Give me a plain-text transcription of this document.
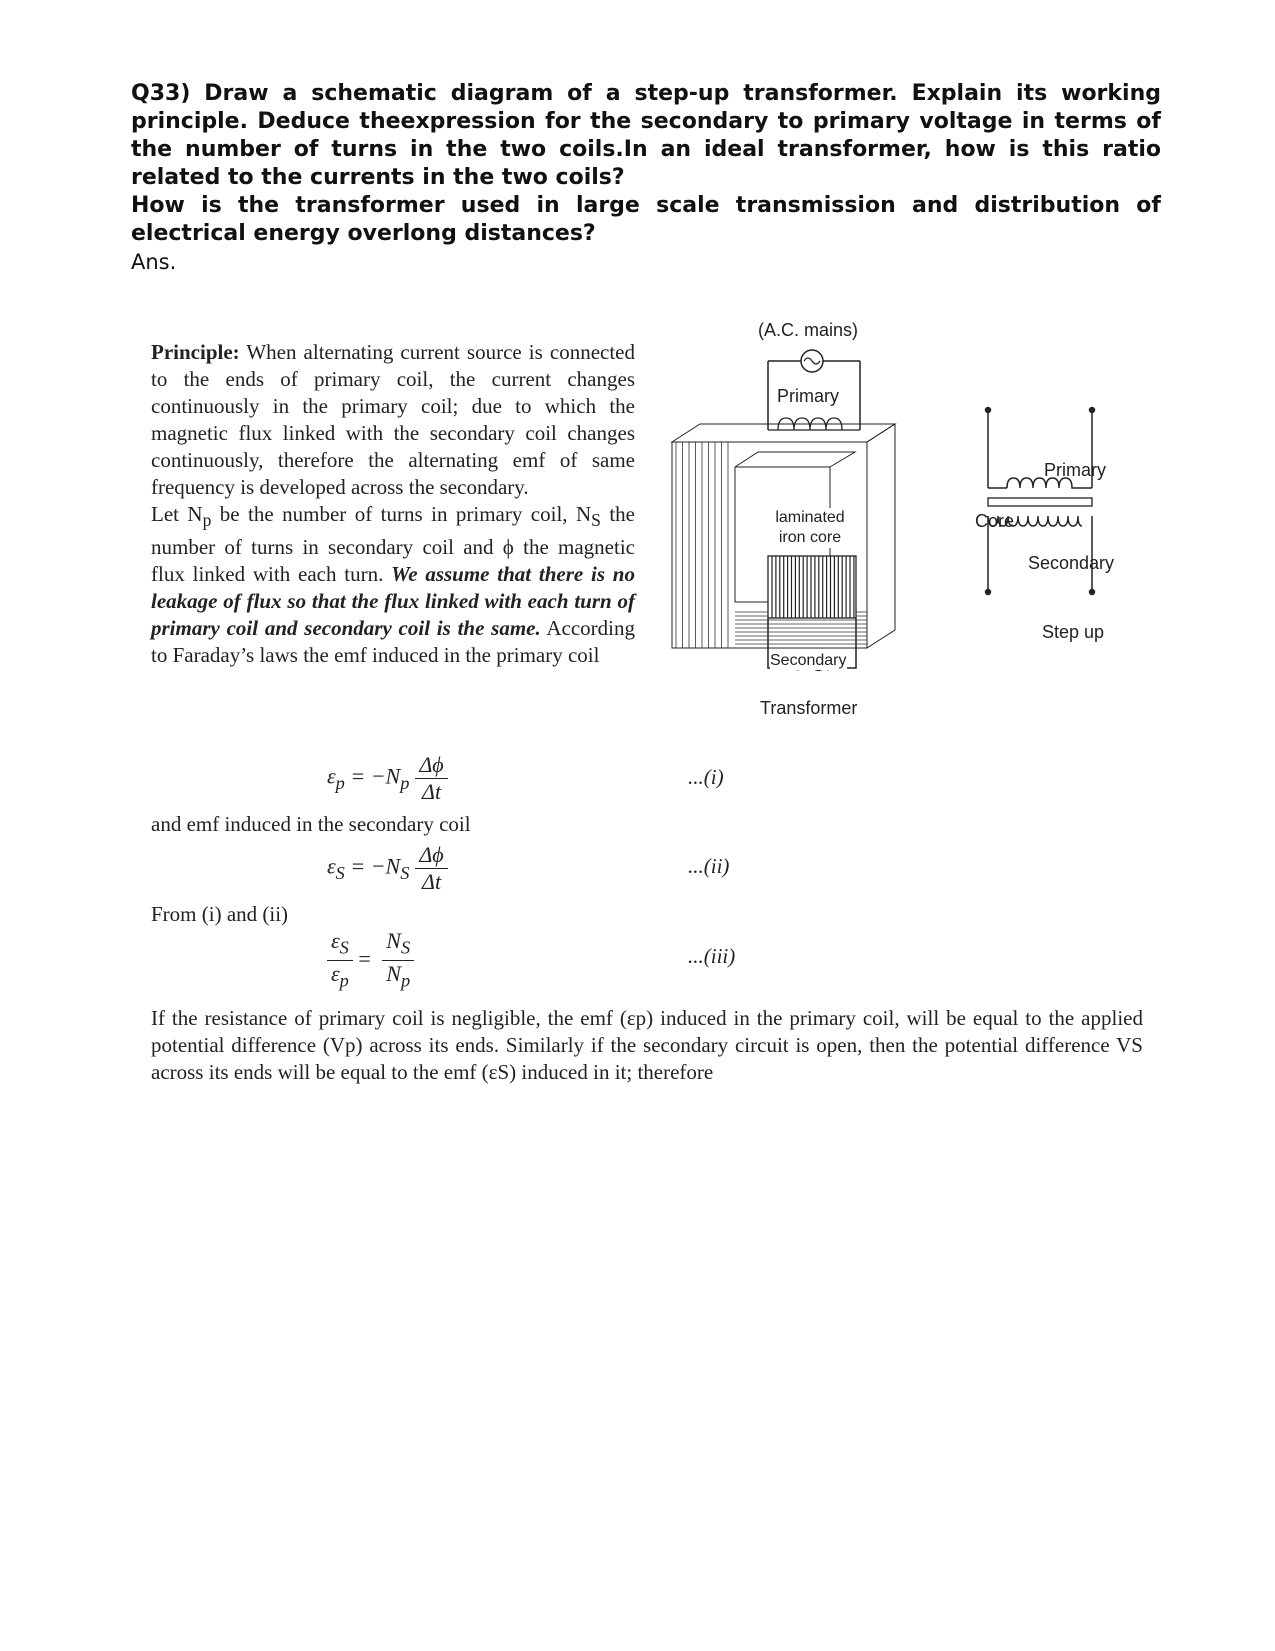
Q33) Draw a schematic diagram of a step-up transformer. Explain its working principle. Deduce theexpression for the secondary to primary voltage in terms of the number of turns in the two coils.In an ideal transformer, how is this ratio related to the currents in the two coils?

How is the transformer used in large scale transmission and distribution of electrical energy overlong distances?

Ans.

Principle: When alternating current source is connected to the ends of primary coil, the current changes continuously in the primary coil; due to which the magnetic flux linked with the secondary coil changes continuously, therefore the alternating emf of same frequency is developed across the secondary.

Let $N_p$ be the number of turns in primary coil, $N_S$ the number of turns in secondary coil and ϕ the magnetic flux linked with each turn. We assume that there is no leakage of flux so that the flux linked with each turn of primary coil and secondary coil is the same. According to Faraday’s laws the emf induced in the primary coil

$\varepsilon_p = -N_p \frac{\Delta\phi}{\Delta t}$	...(i)
and emf induced in the secondary coil
$\varepsilon_S = -N_S \frac{\Delta\phi}{\Delta t}$	...(ii)
From (i) and (ii)
$\frac{\varepsilon_S}{\varepsilon_p} = \frac{N_S}{N_p}$	...(iii)

If the resistance of primary coil is negligible, the emf (εp) induced in the primary coil, will be equal to the applied potential difference (Vp) across its ends. Similarly if the secondary circuit is open, then the potential difference VS across its ends will be equal to the emf (εS) induced in it; therefore

(A.C. mains)
Primary
laminated
iron core
Secondary
Transformer
Primary
Core
Secondary
Step up
